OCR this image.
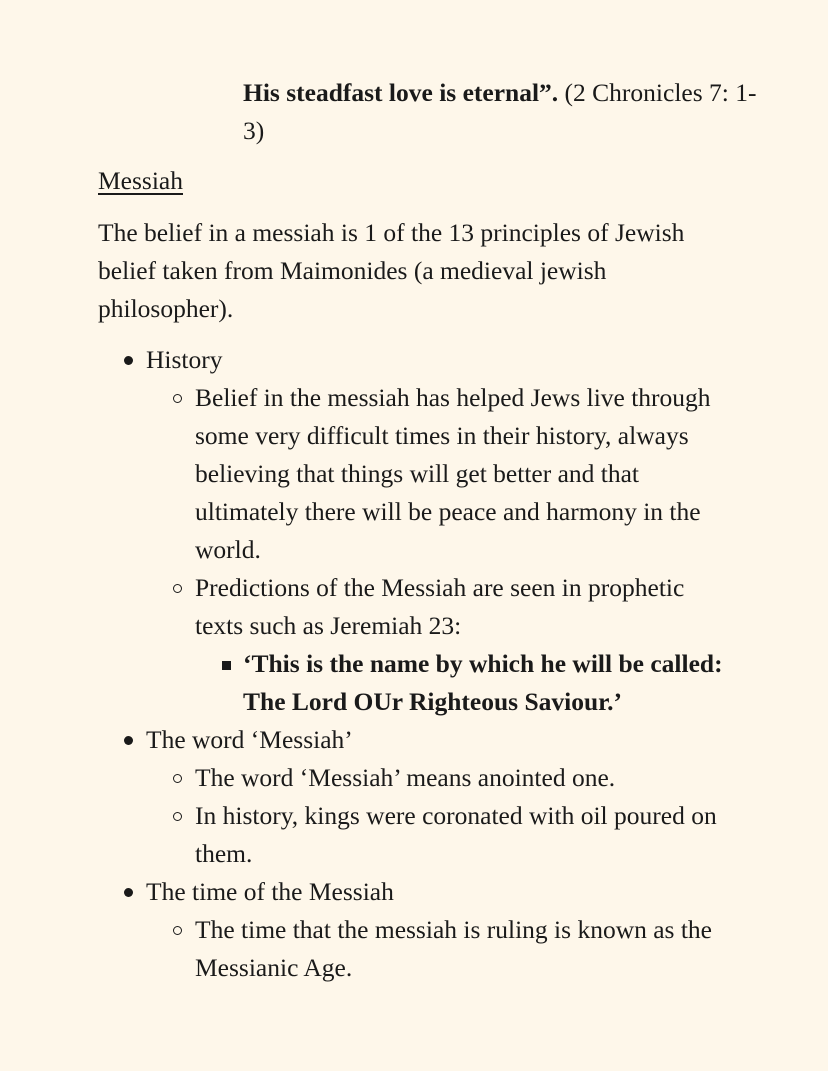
His steadfast love is eternal”. (2 Chronicles 7: 1-3)
Messiah
The belief in a messiah is 1 of the 13 principles of Jewish belief taken from Maimonides (a medieval jewish philosopher).
History
Belief in the messiah has helped Jews live through some very difficult times in their history, always believing that things will get better and that ultimately there will be peace and harmony in the world.
Predictions of the Messiah are seen in prophetic texts such as Jeremiah 23:
‘This is the name by which he will be called: The Lord OUr Righteous Saviour.’
The word ‘Messiah’
The word ‘Messiah’ means anointed one.
In history, kings were coronated with oil poured on them.
The time of the Messiah
The time that the messiah is ruling is known as the Messianic Age.
